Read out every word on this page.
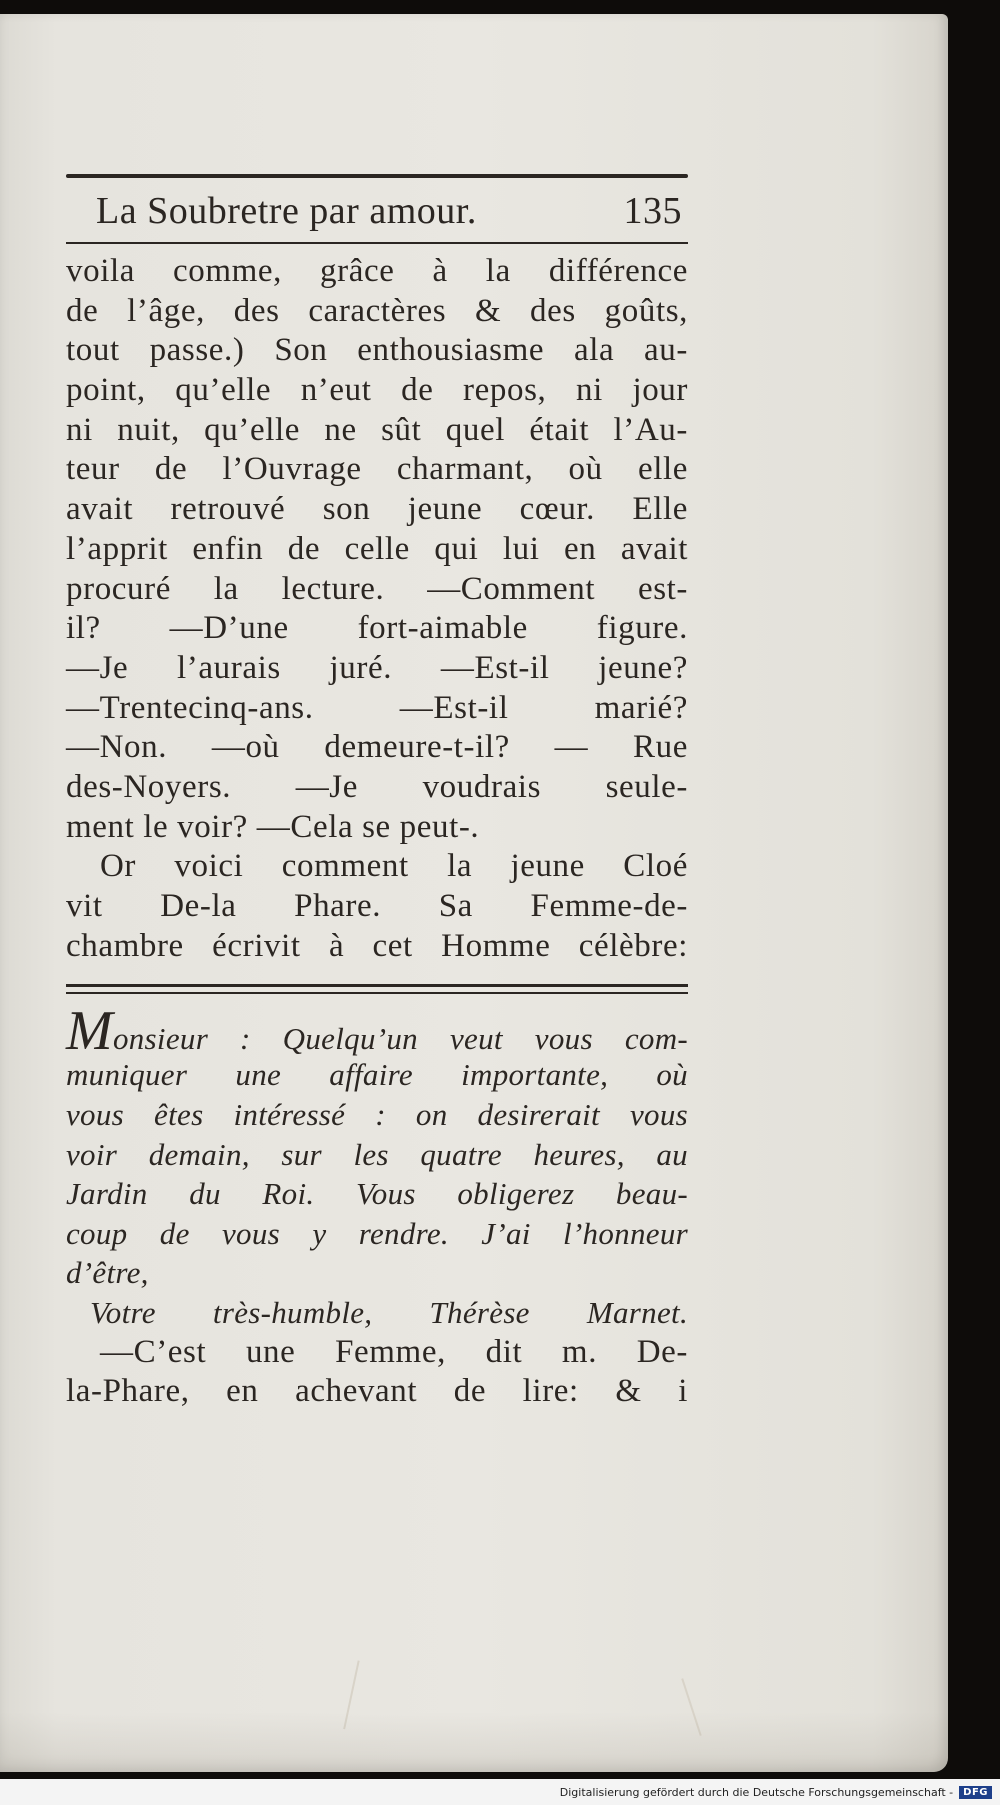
La Soubretre par amour.	135
voila comme, grâce à la différence
de l’âge, des caractères & des goûts,
tout passe.) Son enthousiasme ala au-
point, qu’elle n’eut de repos, ni jour
ni nuit, qu’elle ne sût quel était l’Au-
teur de l’Ouvrage charmant, où elle
avait retrouvé son jeune cœur. Elle
l’apprit enfin de celle qui lui en avait
procuré la lecture. —Comment est-
il? —D’une fort-aimable figure.
—Je l’aurais juré. —Est-il jeune?
—Trentecinq-ans. —Est-il marié?
—Non. —où demeure-t-il? — Rue
des-Noyers. —Je voudrais seule-
ment le voir? —Cela se peut-.
Or voici comment la jeune Cloé
vit De-la Phare. Sa Femme-de-
chambre écrivit à cet Homme célèbre:
Monsieur : Quelqu’un veut vous com-
muniquer une affaire importante, où
vous êtes intéressé : on desirerait vous
voir demain, sur les quatre heures, au
Jardin du Roi. Vous obligerez beau-
coup de vous y rendre. J’ai l’honneur
d’être,
Votre très-humble, Thérèse Marnet.
—C’est une Femme, dit m. De-
la-Phare, en achevant de lire: & i
Digitalisierung gefördert durch die Deutsche Forschungsgemeinschaft -	DFG
